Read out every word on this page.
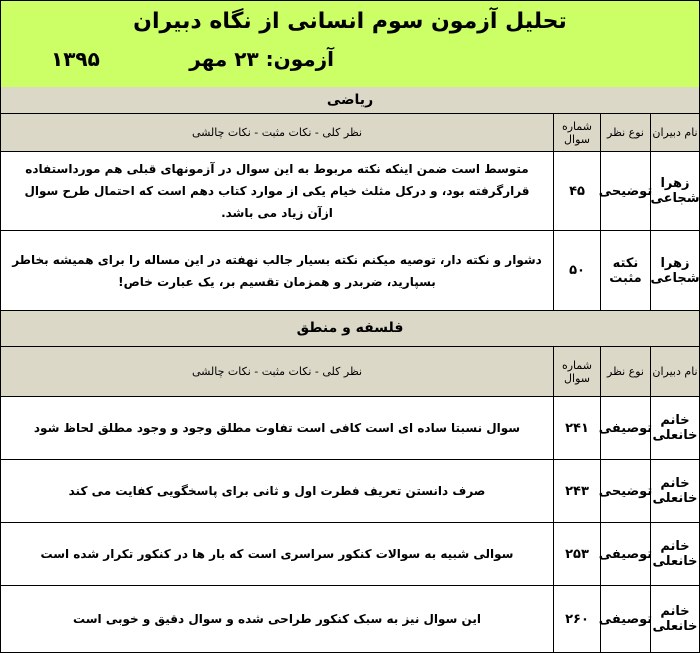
تحلیل آزمون سوم انسانی از نگاه دبیران
آزمون: ۲۳ مهر
۱۳۹۵
ریاضی
نام دبیران
نوع نظر
شماره سوال
نظر کلی - نکات مثبت - نکات چالشی
زهرا شجاعی
توضیحی
۴۵
متوسط است ضمن اینکه نکته مربوط به این سوال در آزمونهای قبلی هم مورداستفاده قرارگرفته بود، و درکل مثلث خیام یکی از موارد کتاب دهم است که احتمال طرح سوال ازآن زیاد می باشد.
زهرا شجاعی
نکته مثبت
۵۰
دشوار و نکته دار، توصیه میکنم نکته بسیار جالب نهفته در این مساله را برای همیشه بخاطر بسپارید، ضربدر و همزمان تقسیم بر، یک عبارت خاص!
فلسفه و منطق
نام دبیران
نوع نظر
شماره سوال
نظر کلی - نکات مثبت - نکات چالشی
خانم خانعلی
توصیفی
۲۴۱
سوال نسبتا ساده ای است کافی است تفاوت مطلق وجود و وجود مطلق لحاظ شود
خانم خانعلی
توضیحی
۲۴۳
صرف دانستن تعریف فطرت اول و ثانی برای پاسخگویی کفایت می کند
خانم خانعلی
توصیفی
۲۵۳
سوالی شبیه به سوالات کنکور سراسری است که بار ها در کنکور تکرار شده است
خانم خانعلی
توصیفی
۲۶۰
این سوال نیز به سبک کنکور طراحی شده و سوال دقیق و خوبی است
